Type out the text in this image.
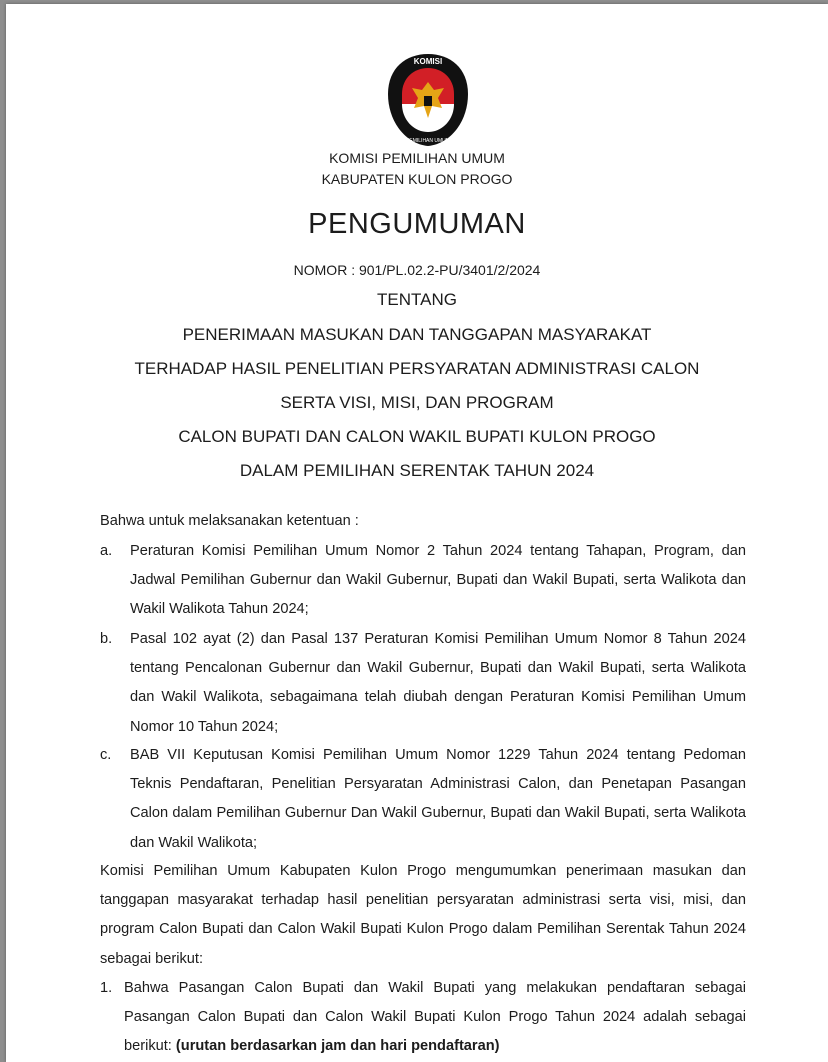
KOMISI
PEMILIHAN UMUM
KOMISI PEMILIHAN UMUM
KABUPATEN KULON PROGO
PENGUMUMAN
NOMOR : 901/PL.02.2-PU/3401/2/2024
TENTANG
PENERIMAAN MASUKAN DAN TANGGAPAN MASYARAKAT
TERHADAP HASIL PENELITIAN PERSYARATAN ADMINISTRASI CALON
SERTA VISI, MISI, DAN PROGRAM
CALON BUPATI DAN CALON WAKIL BUPATI KULON PROGO
DALAM PEMILIHAN SERENTAK TAHUN 2024
Bahwa untuk melaksanakan ketentuan :
a. Peraturan Komisi Pemilihan Umum Nomor 2 Tahun 2024 tentang Tahapan, Program, dan Jadwal Pemilihan Gubernur dan Wakil Gubernur, Bupati dan Wakil Bupati, serta Walikota dan Wakil Walikota Tahun 2024;
b. Pasal 102 ayat (2) dan Pasal 137 Peraturan Komisi Pemilihan Umum Nomor 8 Tahun 2024 tentang Pencalonan Gubernur dan Wakil Gubernur, Bupati dan Wakil Bupati, serta Walikota dan Wakil Walikota, sebagaimana telah diubah dengan Peraturan Komisi Pemilihan Umum Nomor 10 Tahun 2024;
c. BAB VII Keputusan Komisi Pemilihan Umum Nomor 1229 Tahun 2024 tentang Pedoman Teknis Pendaftaran, Penelitian Persyaratan Administrasi Calon, dan Penetapan Pasangan Calon dalam Pemilihan Gubernur Dan Wakil Gubernur, Bupati dan Wakil Bupati, serta Walikota dan Wakil Walikota;
Komisi Pemilihan Umum Kabupaten Kulon Progo mengumumkan penerimaan masukan dan tanggapan masyarakat terhadap hasil penelitian persyaratan administrasi serta visi, misi, dan program Calon Bupati dan Calon Wakil Bupati Kulon Progo dalam Pemilihan Serentak Tahun 2024 sebagai berikut:
1. Bahwa Pasangan Calon Bupati dan Wakil Bupati yang melakukan pendaftaran sebagai Pasangan Calon Bupati dan Calon Wakil Bupati Kulon Progo Tahun 2024 adalah sebagai berikut: (urutan berdasarkan jam dan hari pendaftaran)
